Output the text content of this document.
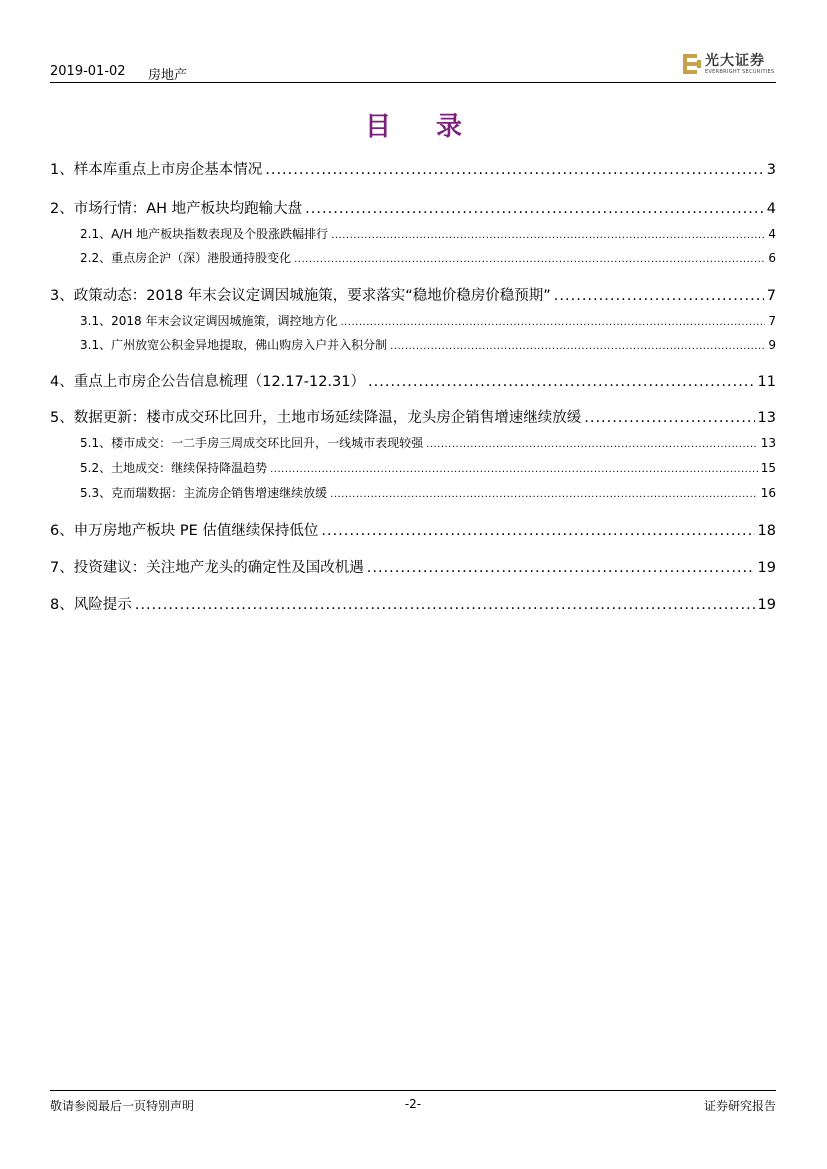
2019-01-02 房地产
光大证券
EVERBRIGHT SECURITIES
目 录
1、 样本库重点上市房企基本情况 .....	3
2、 市场行情：AH 地产板块均跑输大盘 .....	4
2.1、 A/H 地产板块指数表现及个股涨跌幅排行 .....	4
2.2、 重点房企沪（深）港股通持股变化 .....	6
3、 政策动态：2018 年末会议定调因城施策，要求落实“稳地价稳房价稳预期” .....	7
3.1、 2018 年末会议定调因城施策，调控地方化 .....	7
3.1、 广州放宽公积金异地提取，佛山购房入户并入积分制 .....	9
4、 重点上市房企公告信息梳理（12.17-12.31） .....	11
5、 数据更新：楼市成交环比回升，土地市场延续降温，龙头房企销售增速继续放缓 .....	13
5.1、 楼市成交：一二手房三周成交环比回升，一线城市表现较强 .....	13
5.2、 土地成交：继续保持降温趋势 .....	15
5.3、 克而瑞数据：主流房企销售增速继续放缓 .....	16
6、 申万房地产板块 PE 估值继续保持低位 .....	18
7、 投资建议：关注地产龙头的确定性及国改机遇 .....	19
8、 风险提示 .....	19
敬请参阅最后一页特别声明	-2-	证券研究报告
